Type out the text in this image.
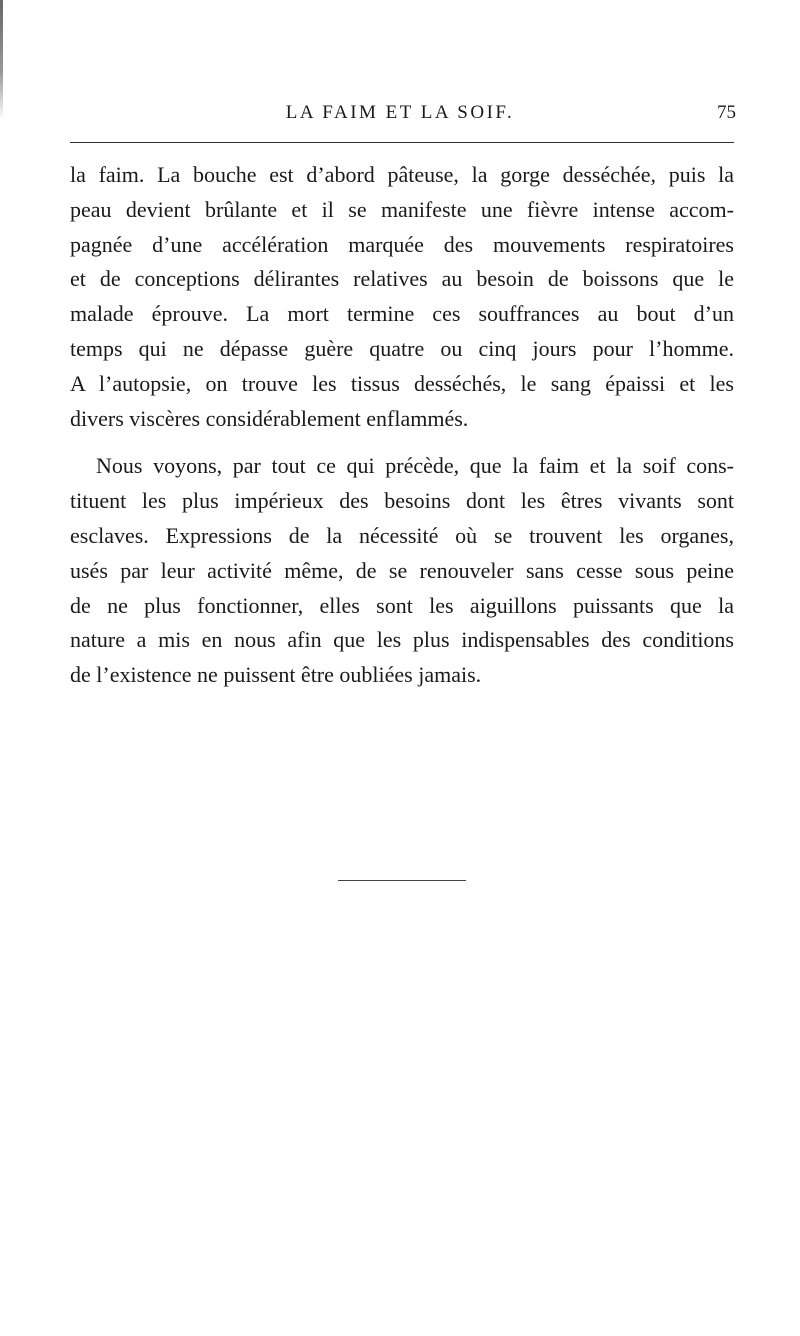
LA FAIM ET LA SOIF.	75
la faim. La bouche est d’abord pâteuse, la gorge desséchée, puis la
peau devient brûlante et il se manifeste une fièvre intense accom-
pagnée d’une accélération marquée des mouvements respiratoires
et de conceptions délirantes relatives au besoin de boissons que le
malade éprouve. La mort termine ces souffrances au bout d’un
temps qui ne dépasse guère quatre ou cinq jours pour l’homme.
A l’autopsie, on trouve les tissus desséchés, le sang épaissi et les
divers viscères considérablement enflammés.
Nous voyons, par tout ce qui précède, que la faim et la soif cons-
tituent les plus impérieux des besoins dont les êtres vivants sont
esclaves. Expressions de la nécessité où se trouvent les organes,
usés par leur activité même, de se renouveler sans cesse sous peine
de ne plus fonctionner, elles sont les aiguillons puissants que la
nature a mis en nous afin que les plus indispensables des conditions
de l’existence ne puissent être oubliées jamais.
